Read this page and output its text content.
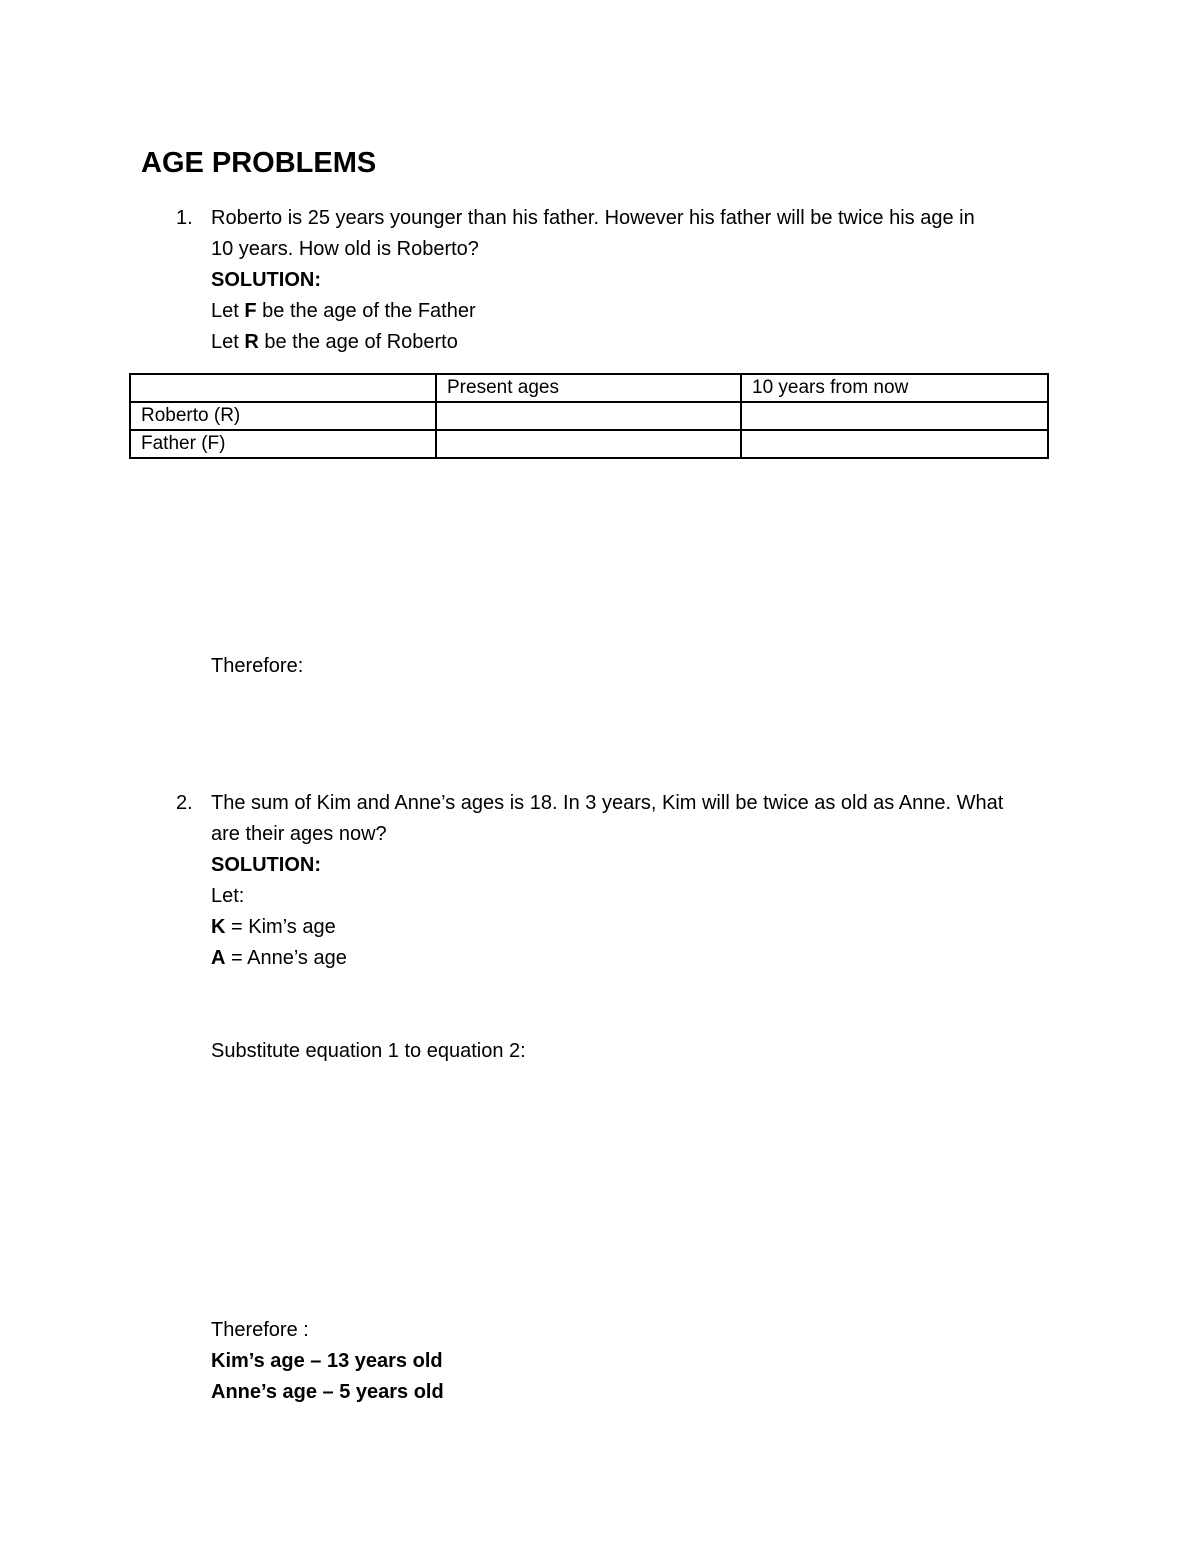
AGE PROBLEMS
1. Roberto is 25 years younger than his father. However his father will be twice his age in

10 years. How old is Roberto?

SOLUTION:

Let F be the age of the Father

Let R be the age of Roberto

	Present ages	10 years from now
Roberto (R)		
Father (F)		

Therefore:

2. The sum of Kim and Anne’s ages is 18. In 3 years, Kim will be twice as old as Anne. What

are their ages now?

SOLUTION:

Let:

K = Kim’s age

A = Anne’s age

Substitute equation 1 to equation 2:

Therefore :

Kim’s age – 13 years old

Anne’s age – 5 years old
